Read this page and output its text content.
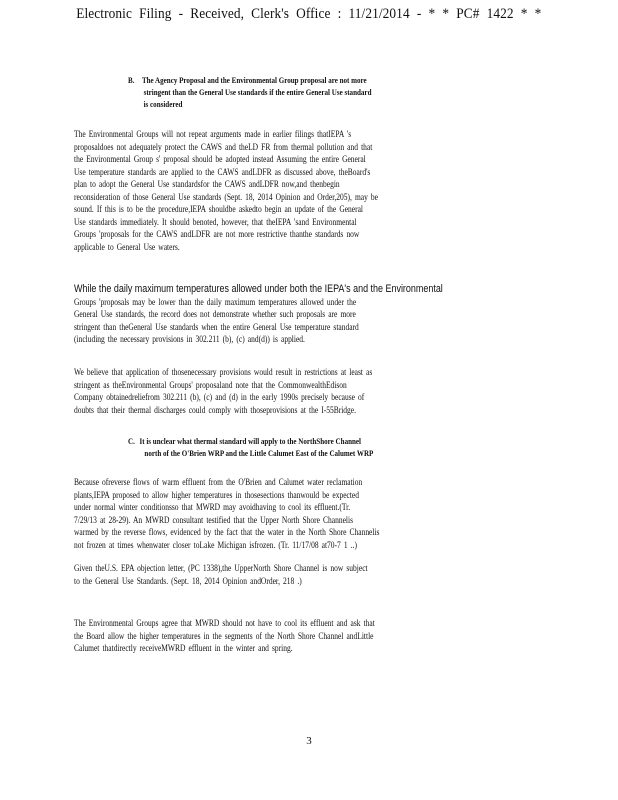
Electronic Filing - Received, Clerk's Office : 11/21/2014 - * * PC# 1422 * *
B. The Agency Proposal and the Environmental Group proposal are not more
stringent than the General Use standards if the entire General Use standard
is considered
The Environmental Groups will not repeat arguments made in earlier filings thatIEPA 's
proposaldoes not adequately protect the CAWS and theLD FR from thermal pollution and that
the Environmental Group s' proposal should be adopted instead Assuming the entire General
Use temperature standards are applied to the CAWS andLDFR as discussed above, theBoard's
plan to adopt the General Use standardsfor the CAWS andLDFR now,and thenbegin
reconsideration of those General Use standards (Sept. 18, 2014 Opinion and Order,205), may be
sound. If this is to be the procedure,IEPA shouldbe askedto begin an update of the General
Use standards immediately. It should benoted, however, that theIEPA 'sand Environmental
Groups 'proposals for the CAWS andLDFR are not more restrictive thanthe standards now
applicable to General Use waters.
While the daily maximum temperatures allowed under both the IEPA's and the Environmental
Groups 'proposals may be lower than the daily maximum temperatures allowed under the
General Use standards, the record does not demonstrate whether such proposals are more
stringent than theGeneral Use standards when the entire General Use temperature standard
(including the necessary provisions in 302.211 (b), (c) and(d)) is applied.
We believe that application of thosenecessary provisions would result in restrictions at least as
stringent as theEnvironmental Groups' proposaland note that the CommonwealthEdison
Company obtainedreliefrom 302.211 (b), (c) and (d) in the early 1990s precisely because of
doubts that their thermal discharges could comply with thoseprovisions at the I-55Bridge.
C. It is unclear what thermal standard will apply to the NorthShore Channel
north of the O'Brien WRP and the Little Calumet East of the Calumet WRP
Because ofreverse flows of warm effluent from the O'Brien and Calumet water reclamation
plants,IEPA proposed to allow higher temperatures in thosesections thanwould be expected
under normal winter conditionsso that MWRD may avoidhaving to cool its effluent.(Tr.
7/29/13 at 28-29). An MWRD consultant testified that the Upper North Shore Channelis
warmed by the reverse flows, evidenced by the fact that the water in the North Shore Channelis
not frozen at times whenwater closer toLake Michigan isfrozen. (Tr. 11/17/08 at70-7 1 ..)
Given theU.S. EPA objection letter, (PC 1338),the UpperNorth Shore Channel is now subject
to the General Use Standards. (Sept. 18, 2014 Opinion andOrder, 218 .)
The Environmental Groups agree that MWRD should not have to cool its effluent and ask that
the Board allow the higher temperatures in the segments of the North Shore Channel andLittle
Calumet thatdirectly receiveMWRD effluent in the winter and spring.
3
